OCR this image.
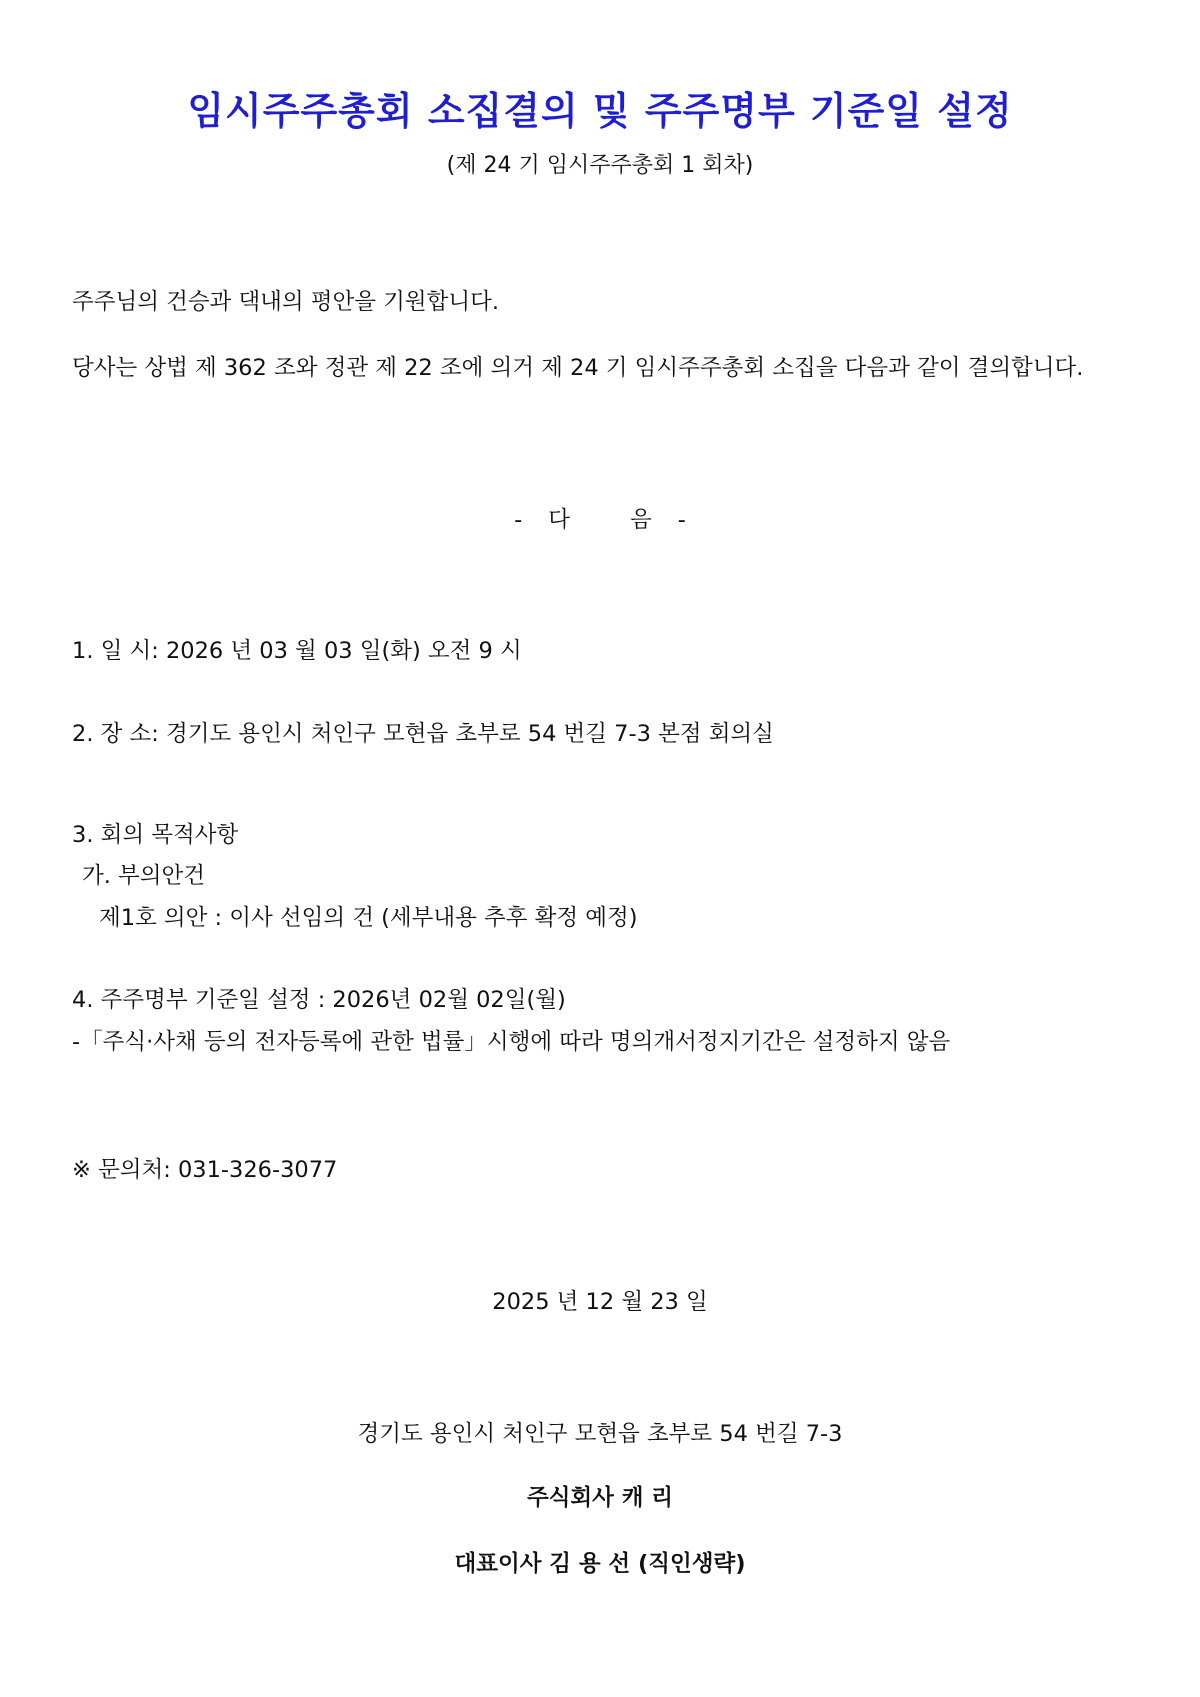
임시주주총회 소집결의 및 주주명부 기준일 설정
(제 24 기 임시주주총회 1 회차)
주주님의 건승과 댁내의 평안을 기원합니다.
당사는 상법 제 362 조와 정관 제 22 조에 의거 제 24 기 임시주주총회 소집을 다음과 같이 결의합니다.
- 다	음 -
1. 일 시: 2026 년 03 월 03 일(화) 오전 9 시
2. 장 소: 경기도 용인시 처인구 모현읍 초부로 54 번길 7-3 본점 회의실
3. 회의 목적사항
가. 부의안건
제1호 의안 : 이사 선임의 건 (세부내용 추후 확정 예정)
4. 주주명부 기준일 설정 : 2026년 02월 02일(월)
-「주식·사채 등의 전자등록에 관한 법률」시행에 따라 명의개서정지기간은 설정하지 않음
※ 문의처: 031-326-3077
2025 년 12 월 23 일
경기도 용인시 처인구 모현읍 초부로 54 번길 7-3
주식회사 캐 리
대표이사 김 용 선 (직인생략)
